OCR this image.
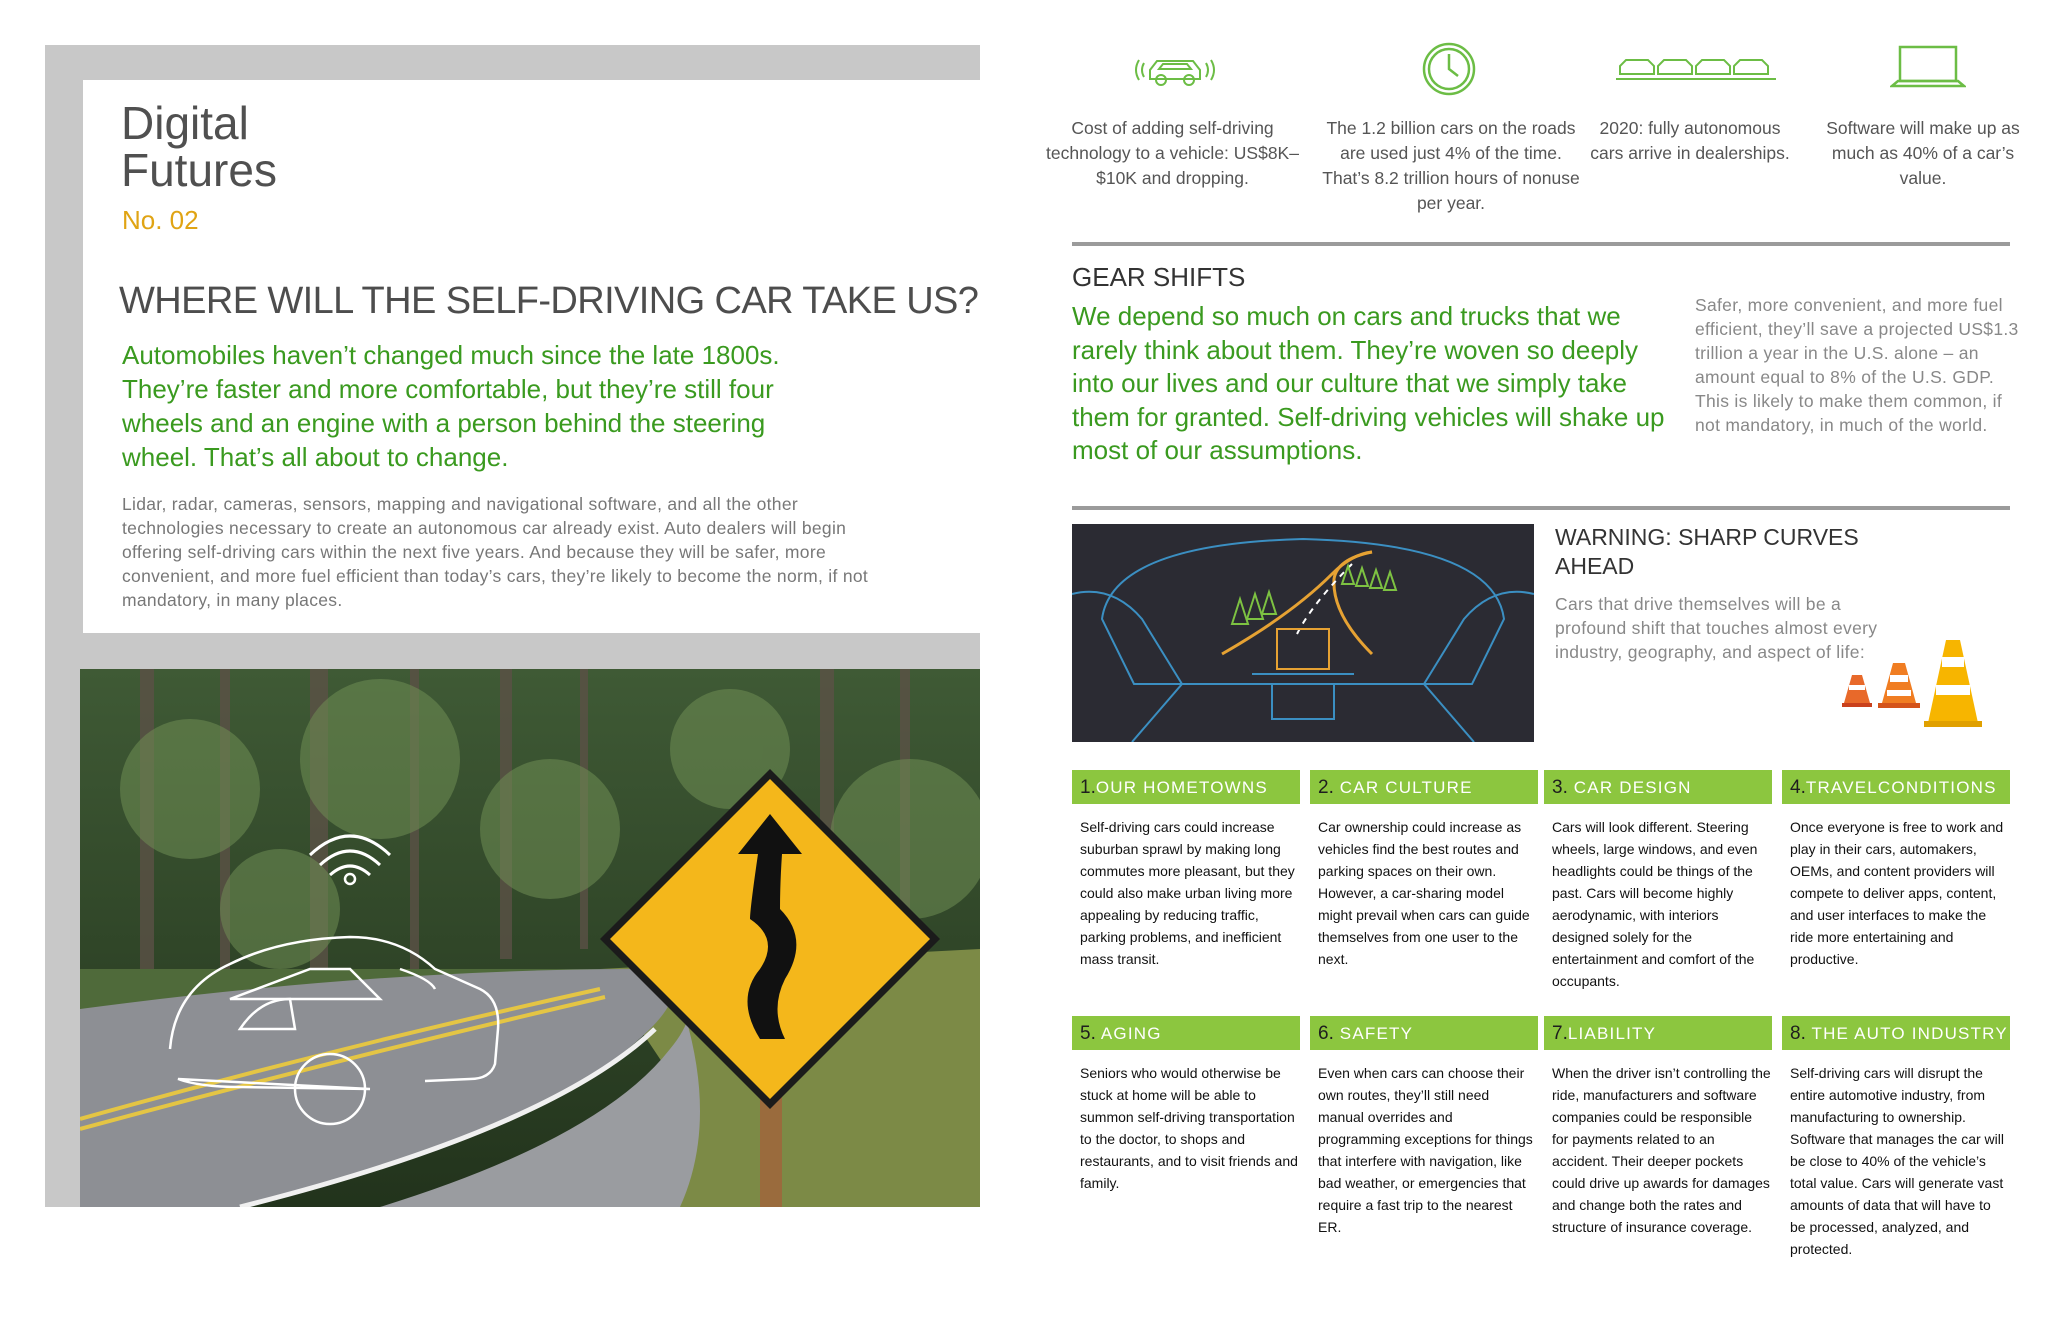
Digital
Futures
No. 02
WHERE WILL THE SELF-DRIVING CAR TAKE US?
Automobiles haven’t changed much since the late 1800s. They’re faster and more comfortable, but they’re still four wheels and an engine with a person behind the steering wheel. That’s all about to change.
Lidar, radar, cameras, sensors, mapping and navigational software, and all the other technologies necessary to create an autonomous car already exist. Auto dealers will begin offering self-driving cars within the next five years. And because they will be safer, more convenient, and more fuel efficient than today’s cars, they’re likely to become the norm, if not mandatory, in many places.
Cost of adding self-driving technology to a vehicle: US$8K–$10K and dropping.
The 1.2 billion cars on the roads are used just 4% of the time. That’s 8.2 trillion hours of nonuse per year.
2020: fully autonomous cars arrive in dealerships.
Software will make up as much as 40% of a car’s value.
GEAR SHIFTS
We depend so much on cars and trucks that we rarely think about them. They’re woven so deeply into our lives and our culture that we simply take them for granted. Self-driving vehicles will shake up most of our assumptions.
Safer, more convenient, and more fuel efficient, they’ll save a projected US$1.3 trillion a year in the U.S. alone – an amount equal to 8% of the U.S. GDP. This is likely to make them common, if not mandatory, in much of the world.
WARNING: SHARP CURVES AHEAD
Cars that drive themselves will be a profound shift that touches almost every industry, geography, and aspect of life:
1.OUR HOMETOWNS
Self-driving cars could increase suburban sprawl by making long commutes more pleasant, but they could also make urban living more appealing by reducing traffic, parking problems, and inefficient mass transit.
2. CAR CULTURE
Car ownership could increase as vehicles find the best routes and parking spaces on their own. However, a car-sharing model might prevail when cars can guide themselves from one user to the next.
3. CAR DESIGN
Cars will look different. Steering wheels, large windows, and even headlights could be things of the past. Cars will become highly aerodynamic, with interiors designed solely for the entertainment and comfort of the occupants.
4.TRAVELCONDITIONS
Once everyone is free to work and play in their cars, automakers, OEMs, and content providers will compete to deliver apps, content, and user interfaces to make the ride more entertaining and productive.
5. AGING
Seniors who would otherwise be stuck at home will be able to summon self-driving transportation to the doctor, to shops and restaurants, and to visit friends and family.
6. SAFETY
Even when cars can choose their own routes, they’ll still need manual overrides and programming exceptions for things that interfere with navigation, like bad weather, or emergencies that require a fast trip to the nearest ER.
7.LIABILITY
When the driver isn’t controlling the ride, manufacturers and software companies could be responsible for payments related to an accident. Their deeper pockets could drive up awards for damages and change both the rates and structure of insurance coverage.
8. THE AUTO INDUSTRY
Self-driving cars will disrupt the entire automotive industry, from manufacturing to ownership. Software that manages the car will be close to 40% of the vehicle’s total value. Cars will generate vast amounts of data that will have to be processed, analyzed, and protected.
